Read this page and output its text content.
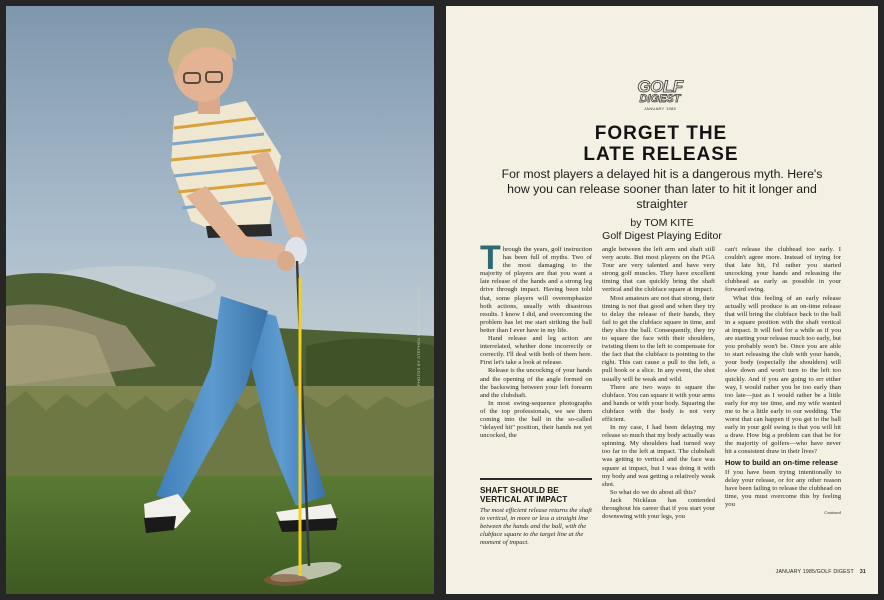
PHOTOS BY STEPHEN SZURLEJ/GOLF DIGEST
GOLF
DIGEST
JANUARY 1985
FORGET THE
LATE RELEASE
For most players a delayed hit is a dangerous myth. Here's how you can release sooner than later to hit it longer and straighter
by TOM KITE
Golf Digest Playing Editor

Through the years, golf instruction has been full of myths. Two of the most damaging to the majority of players are that you want a late release of the hands and a strong leg drive through impact. Having been told that, some players will overemphasize both actions, usually with disastrous results. I know I did, and overcoming the problem has let me start striking the ball better than I ever have in my life.

Hand release and leg action are interrelated, whether done incorrectly or correctly. I'll deal with both of them here. First let's take a look at release.

Release is the uncocking of your hands and the opening of the angle formed on the backswing between your left forearm and the clubshaft.

In most swing-sequence photographs of the top professionals, we see them coming into the ball in the so-called "delayed hit" position, their hands not yet uncocked, the

SHAFT SHOULD BE VERTICAL AT IMPACT
The most efficient release returns the shaft to vertical, in more or less a straight line between the hands and the ball, with the clubface square to the target line at the moment of impact.

angle between the left arm and shaft still very acute. But most players on the PGA Tour are very talented and have very strong golf muscles. They have excellent timing that can quickly bring the shaft vertical and the clubface square at impact.

Most amateurs are not that strong, their timing is not that good and when they try to delay the release of their hands, they fail to get the clubface square in time, and they slice the ball. Consequently, they try to square the face with their shoulders, twisting them to the left to compensate for the fact that the clubface is pointing to the right. This can cause a pull to the left, a pull hook or a slice. In any event, the shot usually will be weak and wild.

There are two ways to square the clubface. You can square it with your arms and hands or with your body. Squaring the clubface with the body is not very efficient.

In my case, I had been delaying my release so much that my body actually was spinning. My shoulders had turned way too far to the left at impact. The clubshaft was getting to vertical and the face was square at impact, but I was doing it with my body and was getting a relatively weak shot.

So what do we do about all this?

Jack Nicklaus has contended throughout his career that if you start your downswing with your legs, you

can't release the clubhead too early. I couldn't agree more. Instead of trying for that late hit, I'd rather you started uncocking your hands and releasing the clubhead as early as possible in your forward swing.

What this feeling of an early release actually will produce is an on-time release that will bring the clubface back to the ball in a square position with the shaft vertical at impact. It will feel for a while as if you are starting your release much too early, but you probably won't be. Once you are able to start releasing the club with your hands, your body (especially the shoulders) will slow down and won't turn to the left too quickly. And if you are going to err either way, I would rather you be too early than too late—just as I would rather be a little early for my tee time, and my wife wanted me to be a little early to our wedding. The worst that can happen if you get to the ball early in your golf swing is that you will hit a draw. How big a problem can that be for the majority of golfers—who have never hit a consistent draw in their lives?

How to build an on-time release

If you have been trying intentionally to delay your release, or for any other reason have been failing to release the clubhead on time, you must overcome this by feeling you

Continued
JANUARY 1985/GOLF DIGEST 31
